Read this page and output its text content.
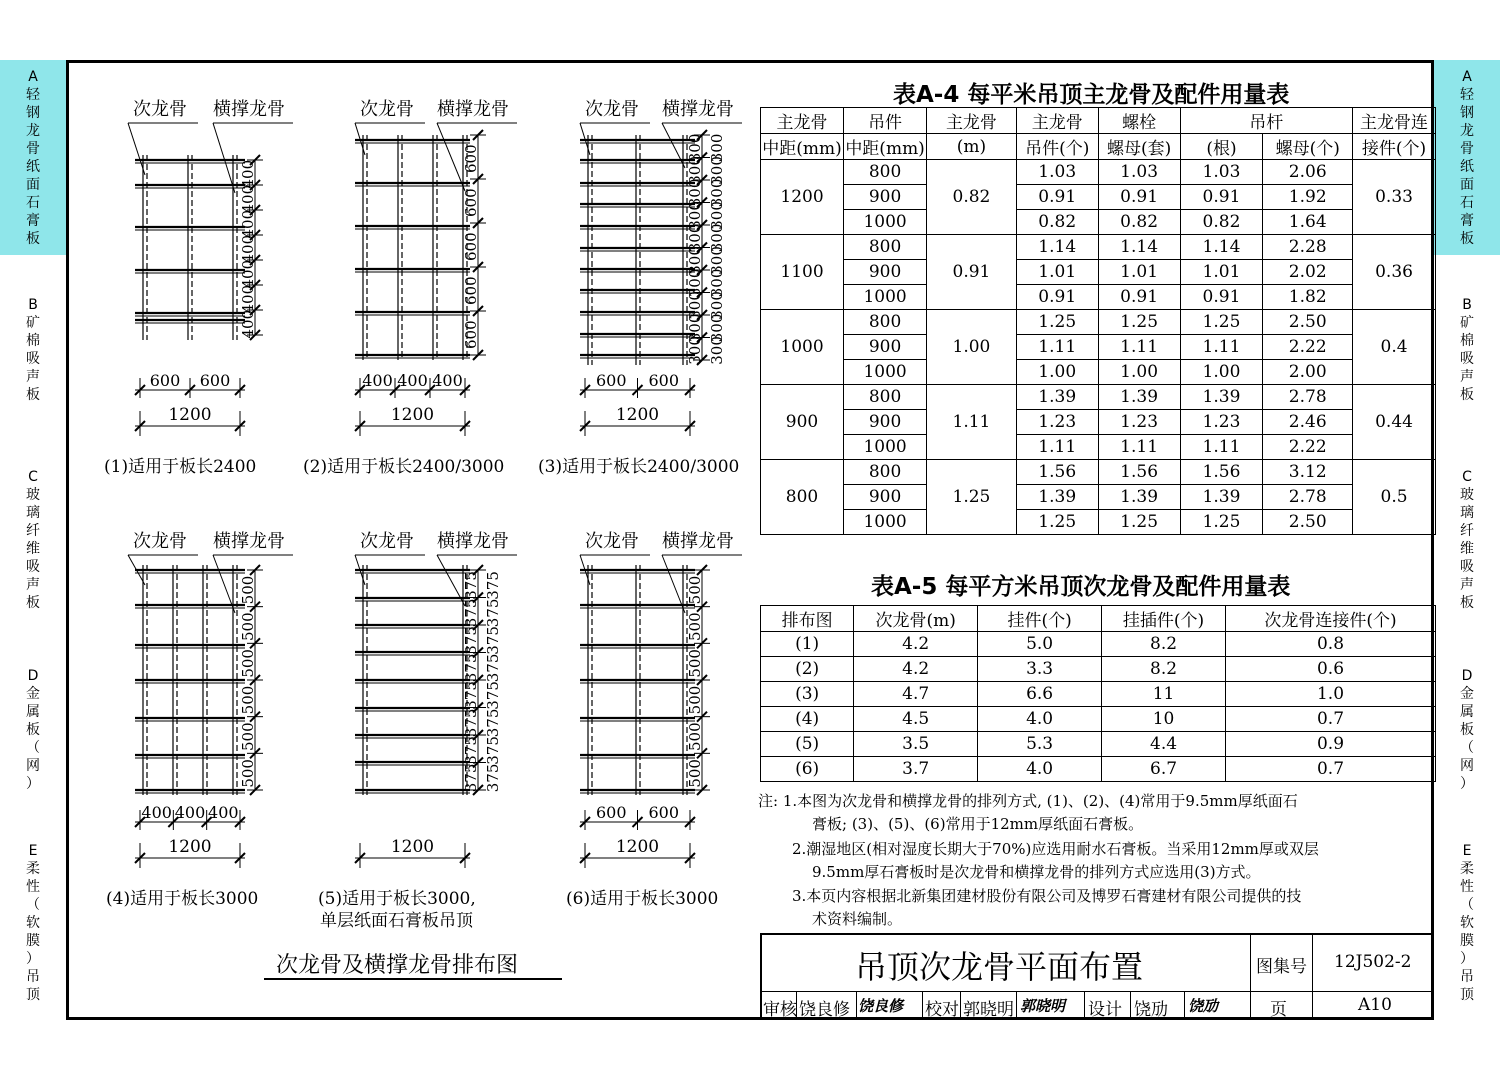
A
轻
钢
龙
骨
纸
面
石
膏
板
B
矿
棉
吸
声
板
C
玻
璃
纤
维
吸
声
板
D
金
属
板
（
网
）
E
柔
性
（
软
膜
）
吊
顶
A
轻
钢
龙
骨
纸
面
石
膏
板
B
矿
棉
吸
声
板
C
玻
璃
纤
维
吸
声
板
D
金
属
板
（
网
）
E
柔
性
（
软
膜
）
吊
顶
400
400
400
400
400
400
400
600 600
1200
600
600
600
600
600
400 400 400
1200
300 300
300 300
300 300
300 300
300 300
300 300
300 300
300 300
300 300
300 300
600 600
1200
500
500
500
500
500
500
400 400 400
1200
375 375
375 375
375 375
375 375
375 375
375 375
375 375
375 375
1200
500
500
500
500
500
500
600 600
1200
次龙骨 横撑龙骨	次龙骨 横撑龙骨	次龙骨 横撑龙骨
次龙骨 横撑龙骨	次龙骨 横撑龙骨	次龙骨 横撑龙骨
(1)适用于板长2400	(2)适用于板长2400/3000 (3)适用于板长2400/3000
(4)适用于板长3000	(5)适用于板长3000,
单层纸面石膏板吊顶
(6)适用于板长3000
次龙骨及横撑龙骨排布图
表A-4 每平米吊顶主龙骨及配件用量表
主龙骨	吊件	主龙骨	主龙骨	螺栓	吊杆		主龙骨连
中距(mm)	中距(mm)	(m)	吊件(个)	螺母(套)	(根)	螺母(个)	接件(个)
1200	800	0.82	1.03	1.03	1.03	2.06	0.33
	900		0.91	0.91	0.91	1.92	
	1000		0.82	0.82	0.82	1.64	
1100	800	0.91	1.14	1.14	1.14	2.28	0.36
	900		1.01	1.01	1.01	2.02	
	1000		0.91	0.91	0.91	1.82	
1000	800	1.00	1.25	1.25	1.25	2.50	0.4
	900		1.11	1.11	1.11	2.22	
	1000		1.00	1.00	1.00	2.00	
900	800	1.11	1.39	1.39	1.39	2.78	0.44
	900		1.23	1.23	1.23	2.46	
	1000		1.11	1.11	1.11	2.22	
800	800	1.25	1.56	1.56	1.56	3.12	0.5
	900		1.39	1.39	1.39	2.78	
	1000		1.25	1.25	1.25	2.50	
表A-5 每平方米吊顶次龙骨及配件用量表
排布图	次龙骨(m)	挂件(个)	挂插件(个)	次龙骨连接件(个)
(1)	4.2	5.0	8.2	0.8
(2)	4.2	3.3	8.2	0.6
(3)	4.7	6.6	11	1.0
(4)	4.5	4.0	10	0.7
(5)	3.5	5.3	4.4	0.9
(6)	3.7	4.0	6.7	0.7
注: 1.本图为次龙骨和横撑龙骨的排列方式, (1)、(2)、(4)常用于9.5mm厚纸面石
膏板; (3)、(5)、(6)常用于12mm厚纸面石膏板。
2.潮湿地区(相对湿度长期大于70%)应选用耐水石膏板。当采用12mm厚或双层
9.5mm厚石膏板时是次龙骨和横撑龙骨的排列方式应选用(3)方式。
3.本页内容根据北新集团建材股份有限公司及博罗石膏建材有限公司提供的技
术资料编制。
吊顶次龙骨平面布置	图集号 12J502-2
审核 饶良修 饶良修 校对 郭晓明 郭晓明 设计 饶劢 饶劢	页	A10
